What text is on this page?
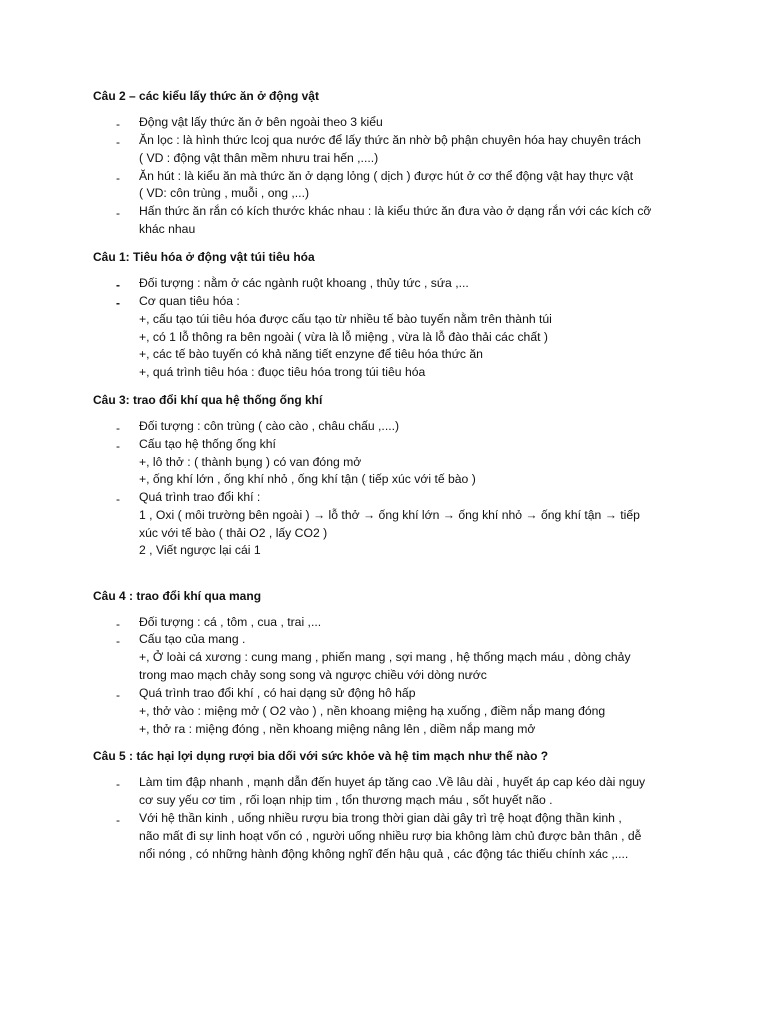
Câu 2 – các kiểu lấy thức ăn ở động vật
- Động vật lấy thức ăn ở bên ngoài theo 3 kiểu
- Ăn lọc : là hình thức lcoj qua nước để lấy thức ăn nhờ bộ phận chuyên hóa hay chuyên trách
( VD : động vật thân mềm nhưu trai hến ,....)
- Ăn hút : là kiểu ăn mà thức ăn ở dạng lỏng ( dịch ) được hút ở cơ thể động vật hay thực vật
( VD: côn trùng , muỗi , ong ,...)
- Hấn thức ăn rắn có kích thước khác nhau : là kiểu thức ăn đưa vào ở dạng rắn với các kích cỡ
khác nhau
Câu 1: Tiêu hóa ở động vật túi tiêu hóa
- Đối tượng : nằm ở các ngành ruột khoang , thủy tức , sứa ,...
- Cơ quan tiêu hóa :
+, cấu tạo túi tiêu hóa được cấu tạo từ nhiều tế bào tuyến nằm trên thành túi
+, có 1 lỗ thông ra bên ngoài ( vừa là lỗ miệng , vừa là lỗ đào thải các chất )
+, các tế bào tuyến có khả năng tiết enzyne để tiêu hóa thức ăn
+, quá trình tiêu hóa : đuọc tiêu hóa trong túi tiêu hóa
Câu 3: trao đổi khí qua hệ thống ống khí
- Đối tượng : côn trùng ( cào cào , châu chấu ,....)
- Cấu tạo hệ thống ống khí
+, lô thở : ( thành bụng ) có van đóng mở
+, ống khí lớn , ống khí nhỏ , ống khí tận ( tiếp xúc với tế bào )
- Quá trình trao đổi khí :
1 , Oxi ( môi trường bên ngoài ) → lỗ thở → ống khí lớn → ống khí nhỏ → ống khí tận → tiếp
xúc với tế bào ( thải O2 , lấy CO2 )
2 , Viết ngược lại cái 1
Câu 4 : trao đổi khí qua mang
- Đối tượng : cá , tôm , cua , trai ,...
- Cấu tạo của mang .
+, Ở loài cá xương : cung mang , phiến mang , sợi mang , hệ thống mạch máu , dòng chảy
trong mao mạch chảy song song và ngược chiều với dòng nước
- Quá trình trao đổi khí , có hai dạng sử động hô hấp
+, thở vào : miệng mở ( O2 vào ) , nền khoang miệng hạ xuống , điềm nắp mang đóng
+, thở ra : miệng đóng , nền khoang miệng nâng lên , diềm nắp mang mở
Câu 5 : tác hại lợi dụng rượi bia dối với sức khỏe và hệ tim mạch như thế nào ?
- Làm tim đập nhanh , mạnh dẫn đến huyet áp tăng cao .Về lâu dài , huyết áp cap kéo dài nguy
cơ suy yếu cơ tim , rối loạn nhịp tim , tổn thương mạch máu , sốt huyết não .
- Với hệ thần kinh , uống nhiều rượu bia trong thời gian dài gây trì trệ hoạt động thần kinh ,
não mất đi sự linh hoạt vốn có , người uống nhiều rượ bia không làm chủ được bản thân , dễ
nổi nóng , có những hành động không nghĩ đến hậu quả , các động tác thiếu chính xác ,....
